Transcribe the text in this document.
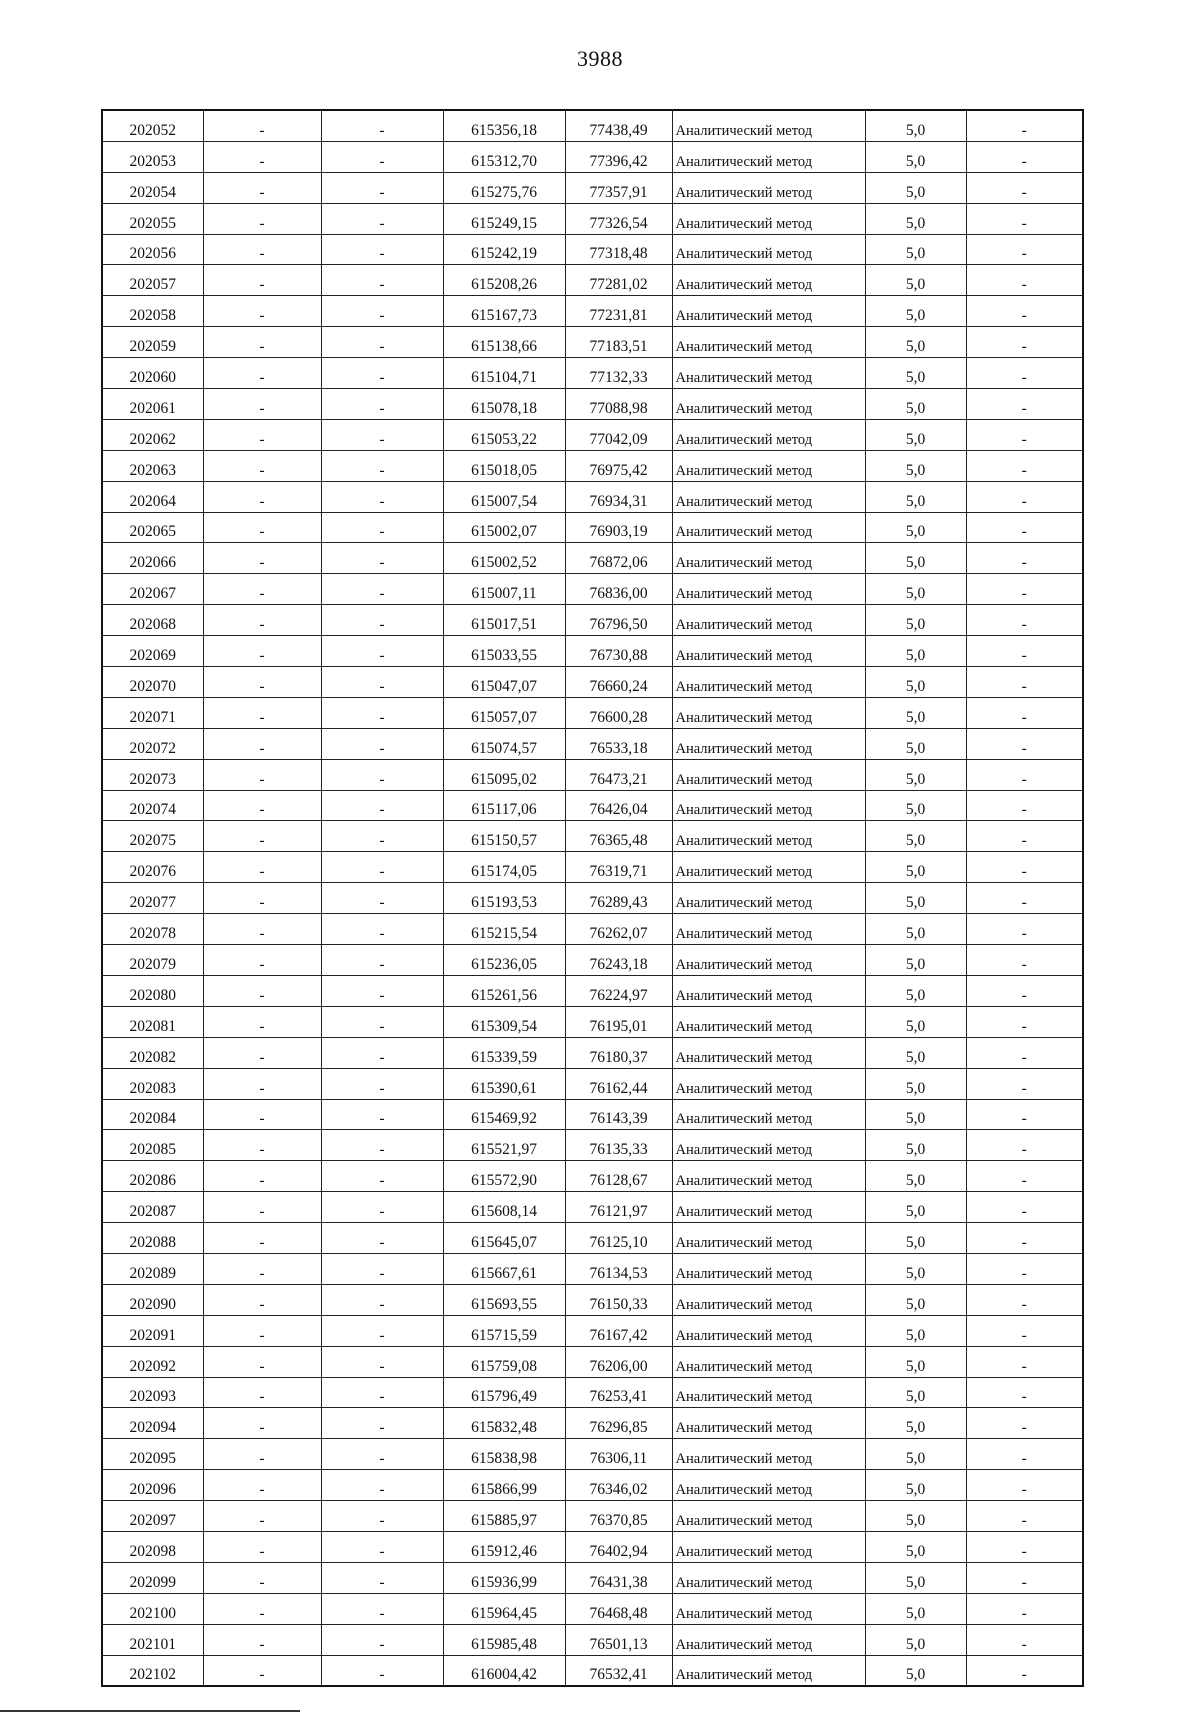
3988
202052	-	-	615356,18	77438,49	Аналитический метод	5,0	-
202053	-	-	615312,70	77396,42	Аналитический метод	5,0	-
202054	-	-	615275,76	77357,91	Аналитический метод	5,0	-
202055	-	-	615249,15	77326,54	Аналитический метод	5,0	-
202056	-	-	615242,19	77318,48	Аналитический метод	5,0	-
202057	-	-	615208,26	77281,02	Аналитический метод	5,0	-
202058	-	-	615167,73	77231,81	Аналитический метод	5,0	-
202059	-	-	615138,66	77183,51	Аналитический метод	5,0	-
202060	-	-	615104,71	77132,33	Аналитический метод	5,0	-
202061	-	-	615078,18	77088,98	Аналитический метод	5,0	-
202062	-	-	615053,22	77042,09	Аналитический метод	5,0	-
202063	-	-	615018,05	76975,42	Аналитический метод	5,0	-
202064	-	-	615007,54	76934,31	Аналитический метод	5,0	-
202065	-	-	615002,07	76903,19	Аналитический метод	5,0	-
202066	-	-	615002,52	76872,06	Аналитический метод	5,0	-
202067	-	-	615007,11	76836,00	Аналитический метод	5,0	-
202068	-	-	615017,51	76796,50	Аналитический метод	5,0	-
202069	-	-	615033,55	76730,88	Аналитический метод	5,0	-
202070	-	-	615047,07	76660,24	Аналитический метод	5,0	-
202071	-	-	615057,07	76600,28	Аналитический метод	5,0	-
202072	-	-	615074,57	76533,18	Аналитический метод	5,0	-
202073	-	-	615095,02	76473,21	Аналитический метод	5,0	-
202074	-	-	615117,06	76426,04	Аналитический метод	5,0	-
202075	-	-	615150,57	76365,48	Аналитический метод	5,0	-
202076	-	-	615174,05	76319,71	Аналитический метод	5,0	-
202077	-	-	615193,53	76289,43	Аналитический метод	5,0	-
202078	-	-	615215,54	76262,07	Аналитический метод	5,0	-
202079	-	-	615236,05	76243,18	Аналитический метод	5,0	-
202080	-	-	615261,56	76224,97	Аналитический метод	5,0	-
202081	-	-	615309,54	76195,01	Аналитический метод	5,0	-
202082	-	-	615339,59	76180,37	Аналитический метод	5,0	-
202083	-	-	615390,61	76162,44	Аналитический метод	5,0	-
202084	-	-	615469,92	76143,39	Аналитический метод	5,0	-
202085	-	-	615521,97	76135,33	Аналитический метод	5,0	-
202086	-	-	615572,90	76128,67	Аналитический метод	5,0	-
202087	-	-	615608,14	76121,97	Аналитический метод	5,0	-
202088	-	-	615645,07	76125,10	Аналитический метод	5,0	-
202089	-	-	615667,61	76134,53	Аналитический метод	5,0	-
202090	-	-	615693,55	76150,33	Аналитический метод	5,0	-
202091	-	-	615715,59	76167,42	Аналитический метод	5,0	-
202092	-	-	615759,08	76206,00	Аналитический метод	5,0	-
202093	-	-	615796,49	76253,41	Аналитический метод	5,0	-
202094	-	-	615832,48	76296,85	Аналитический метод	5,0	-
202095	-	-	615838,98	76306,11	Аналитический метод	5,0	-
202096	-	-	615866,99	76346,02	Аналитический метод	5,0	-
202097	-	-	615885,97	76370,85	Аналитический метод	5,0	-
202098	-	-	615912,46	76402,94	Аналитический метод	5,0	-
202099	-	-	615936,99	76431,38	Аналитический метод	5,0	-
202100	-	-	615964,45	76468,48	Аналитический метод	5,0	-
202101	-	-	615985,48	76501,13	Аналитический метод	5,0	-
202102	-	-	616004,42	76532,41	Аналитический метод	5,0	-
